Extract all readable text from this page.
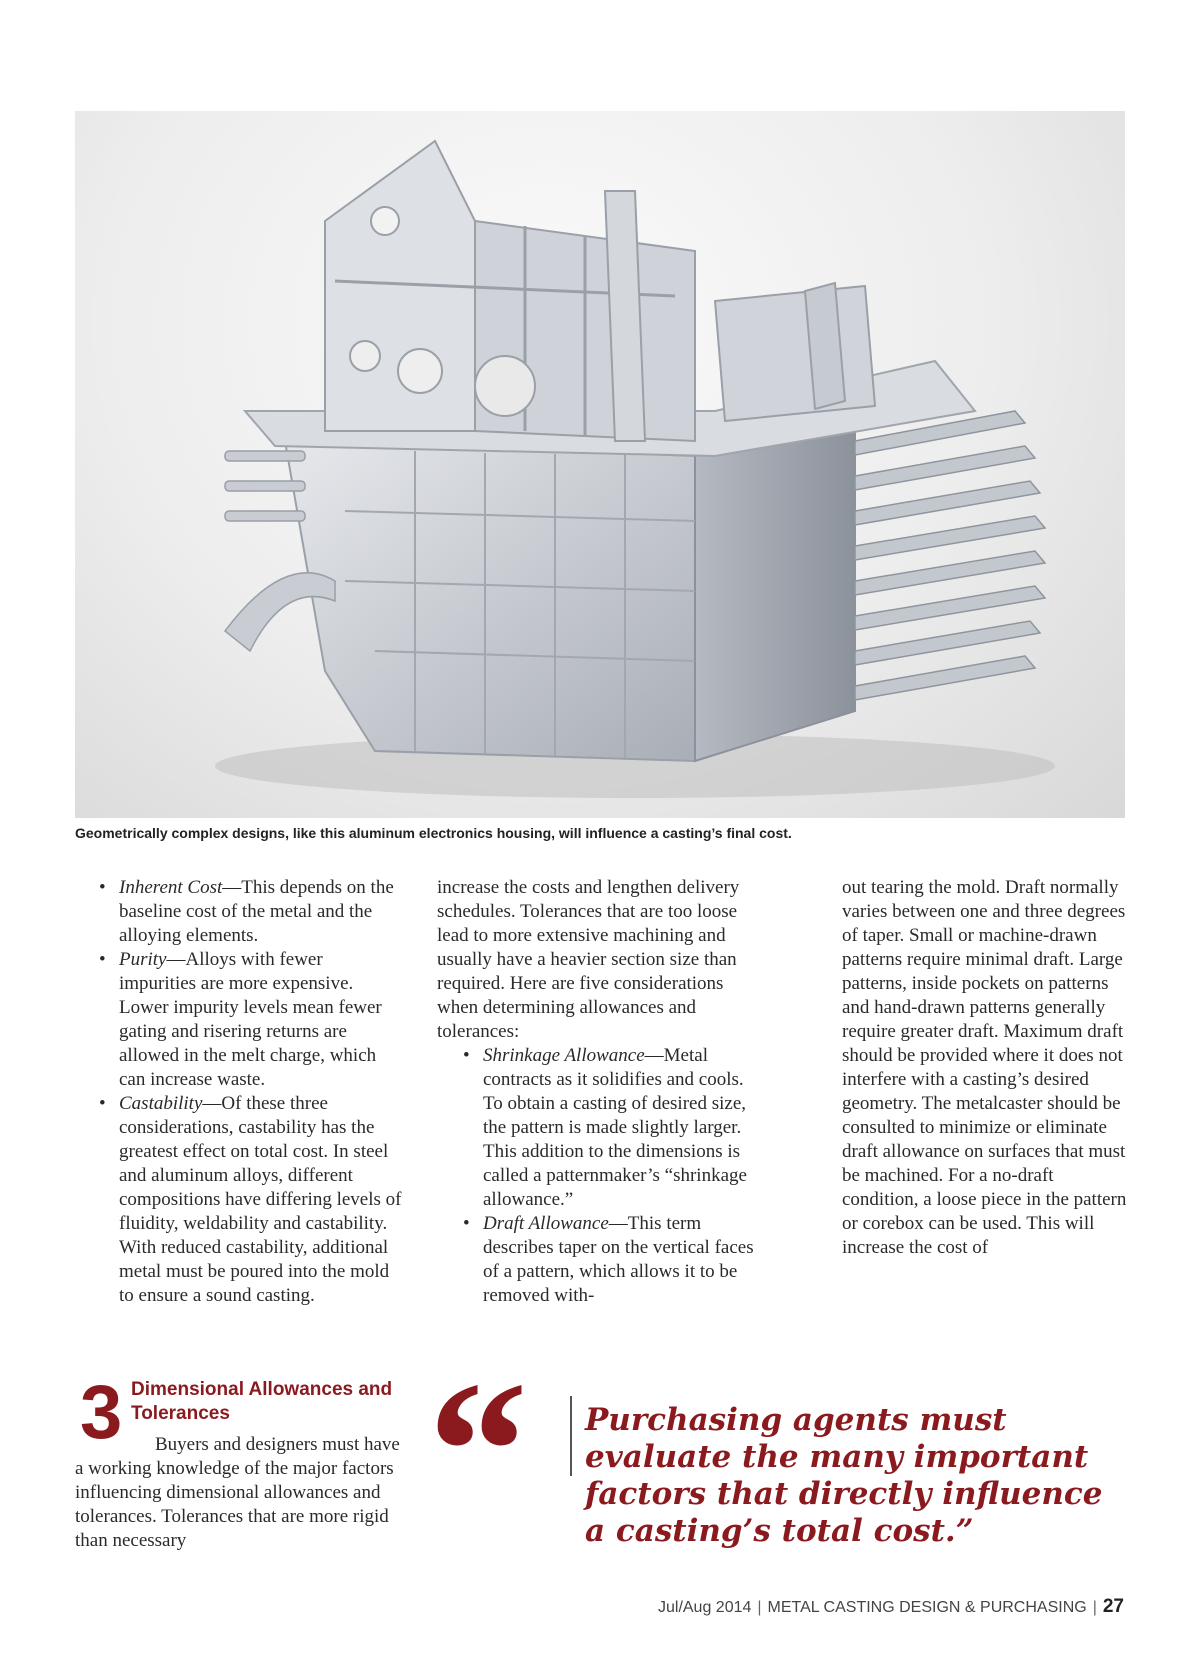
Geometrically complex designs, like this aluminum electronics housing, will influence a casting’s final cost.
• Inherent Cost—This depends on the baseline cost of the metal and the alloying elements.
• Purity—Alloys with fewer impurities are more expensive. Lower impurity levels mean fewer gating and risering returns are allowed in the melt charge, which can increase waste.
• Castability—Of these three considerations, castability has the greatest effect on total cost. In steel and aluminum alloys, different compositions have differing levels of fluidity, weldability and castability. With reduced castability, additional metal must be poured into the mold to ensure a sound casting.

increase the costs and lengthen delivery schedules. Tolerances that are too loose lead to more extensive machining and usually have a heavier section size than required. Here are five considerations when determining allowances and tolerances:

• Shrinkage Allowance—Metal contracts as it solidifies and cools. To obtain a casting of desired size, the pattern is made slightly larger. This addition to the dimensions is called a patternmaker’s “shrinkage allowance.”
• Draft Allowance—This term describes taper on the vertical faces of a pattern, which allows it to be removed with-

out tearing the mold. Draft normally varies between one and three degrees of taper. Small or machine-drawn patterns require minimal draft. Large patterns, inside pockets on patterns and hand-drawn patterns generally require greater draft. Maximum draft should be provided where it does not interfere with a casting’s desired geometry. The metalcaster should be consulted to minimize or eliminate draft allowance on surfaces that must be machined. For a no-draft condition, a loose piece in the pattern or corebox can be used. This will increase the cost of

3 Dimensional Allowances and Tolerances
Buyers and designers must have a working knowledge of the major factors influencing dimensional allowances and tolerances. Tolerances that are more rigid than necessary	“ Purchasing agents must evaluate the many important factors that directly influence a casting’s total cost.”
Jul/Aug 2014 | METAL CASTING DESIGN & PURCHASING | 27
